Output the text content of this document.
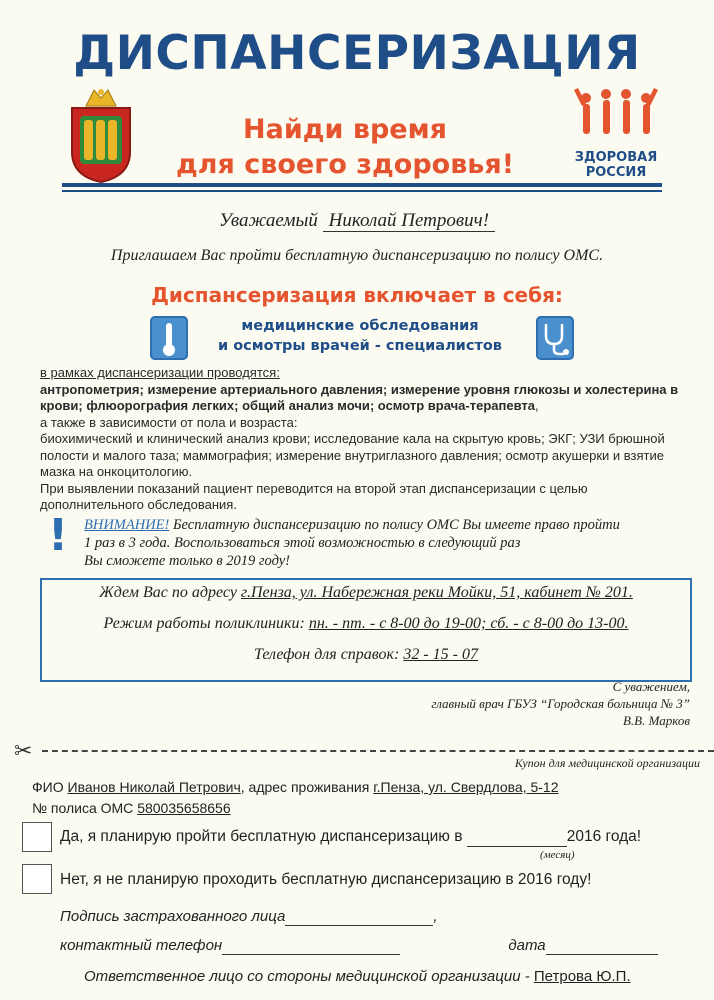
ДИСПАНСЕРИЗАЦИЯ
Найди время
для своего здоровья!	ЗДОРОВАЯ
РОССИЯ
Уважаемый Николай Петрович!
Приглашаем Вас пройти бесплатную диспансеризацию по полису ОМС.
Диспансеризация включает в себя:
медицинские обследования
и осмотры врачей - специалистов
в рамках диспансеризации проводятся:
антропометрия; измерение артериального давления; измерение уровня глюкозы и холестерина в крови; флюорография легких; общий анализ мочи; осмотр врача-терапевта,
а также в зависимости от пола и возраста:
биохимический и клинический анализ крови; исследование кала на скрытую кровь; ЭКГ; УЗИ брюшной полости и малого таза; маммография; измерение внутриглазного давления; осмотр акушерки и взятие мазка на онкоцитологию.
При выявлении показаний пациент переводится на второй этап диспансеризации с целью дополнительного обследования.
! ВНИМАНИЕ! Бесплатную диспансеризацию по полису ОМС Вы имеете право пройти
1 раз в 3 года. Воспользоваться этой возможностью в следующий раз
Вы сможете только в 2019 году!
Ждем Вас по адресу г.Пенза, ул. Набережная реки Мойки, 51, кабинет № 201.
Режим работы поликлиники: пн. - пт. - с 8-00 до 19-00; сб. - с 8-00 до 13-00.
Телефон для справок: 32 - 15 - 07
С уважением,
главный врач ГБУЗ “Городская больница № 3”
В.В. Марков
✂	Купон для медицинской организации
ФИО Иванов Николай Петрович, адрес проживания г.Пенза, ул. Свердлова, 5-12
№ полиса ОМС 580035658656
Да, я планирую пройти бесплатную диспансеризацию в	2016 года!
(месяц)
Нет, я не планирую проходить бесплатную диспансеризацию в 2016 году!
Подпись застрахованного лица	,
контактный телефон	дата
Ответственное лицо со стороны медицинской организации - Петрова Ю.П.
